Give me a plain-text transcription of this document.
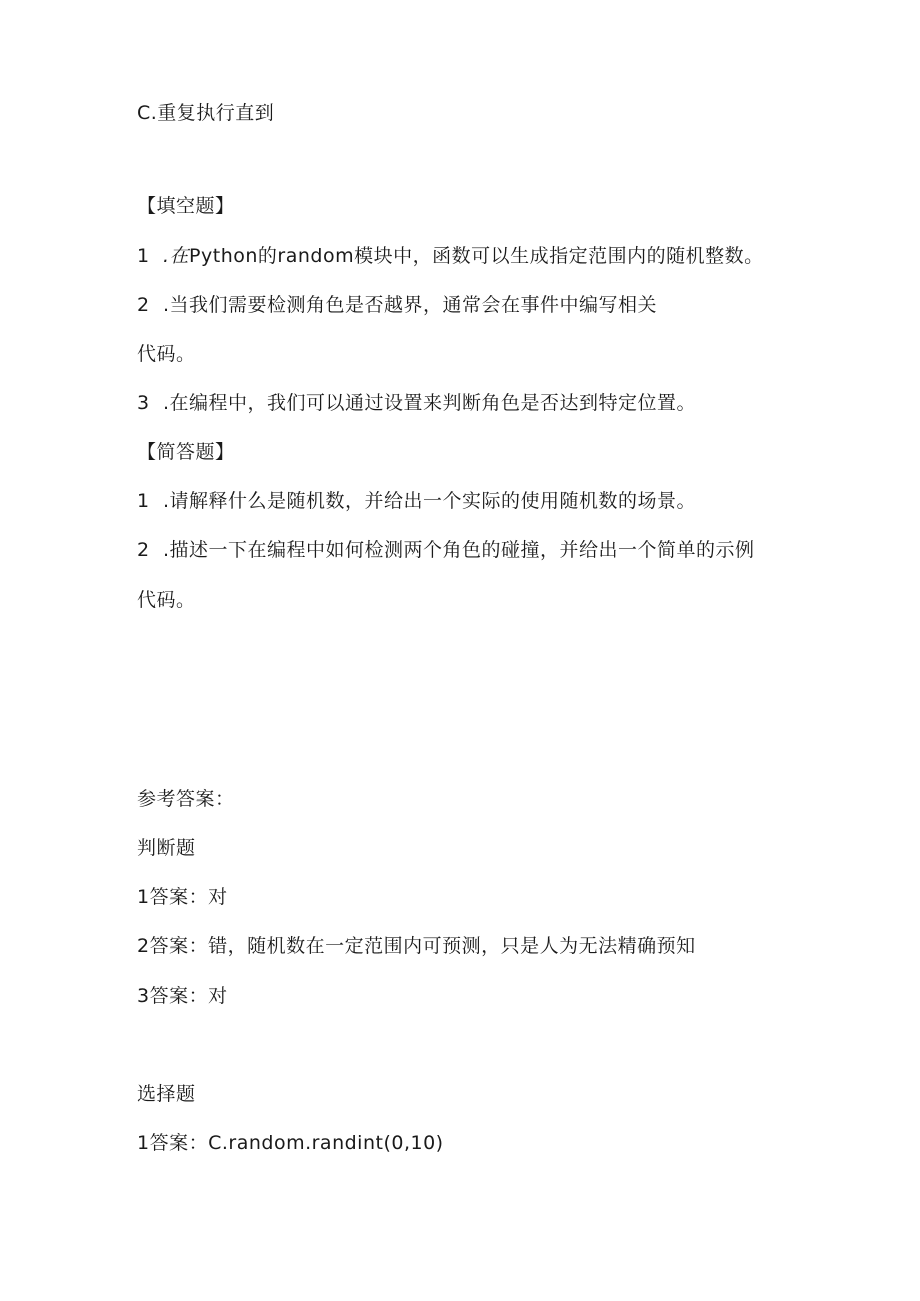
C.重复执行直到
【填空题】
1 .在Python的random模块中，函数可以生成指定范围内的随机整数。
2 .当我们需要检测角色是否越界，通常会在事件中编写相关
代码。
3 .在编程中，我们可以通过设置来判断角色是否达到特定位置。
【简答题】
1 .请解释什么是随机数，并给出一个实际的使用随机数的场景。
2 .描述一下在编程中如何检测两个角色的碰撞，并给出一个简单的示例
代码。
参考答案：
判断题
1答案：对
2答案：错，随机数在一定范围内可预测，只是人为无法精确预知
3答案：对
选择题
1答案：C.random.randint(0,10)
